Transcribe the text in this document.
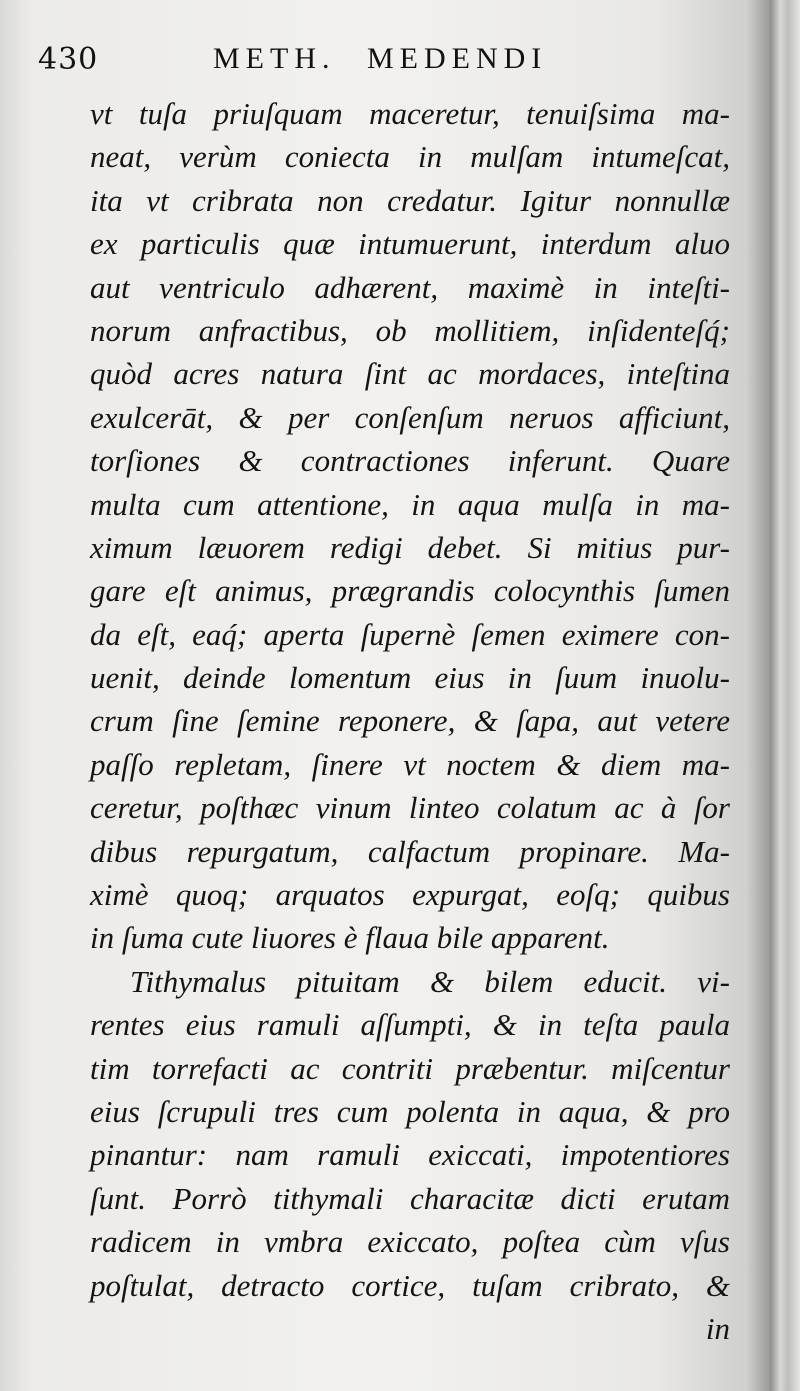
430	METH. MEDENDI
vt tuſa priuſquam maceretur, tenuiſsima ma-
neat, verùm coniecta in mulſam intumeſcat,
ita vt cribrata non credatur. Igitur nonnullæ
ex particulis quæ intumuerunt, interdum aluo
aut ventriculo adhærent, maximè in inteſti-
norum anfractibus, ob mollitiem, inſidenteſq́;
quòd acres natura ſint ac mordaces, inteſtina
exulcerāt, & per conſenſum neruos afficiunt,
torſiones & contractiones inferunt. Quare
multa cum attentione, in aqua mulſa in ma-
ximum læuorem redigi debet. Si mitius pur-
gare eſt animus, prægrandis colocynthis ſumen
da eſt, eaq́; aperta ſupernè ſemen eximere con-
uenit, deinde lomentum eius in ſuum inuolu-
crum ſine ſemine reponere, & ſapa, aut vetere
paſſo repletam, ſinere vt noctem & diem ma-
ceretur, poſthæc vinum linteo colatum ac à ſor
dibus repurgatum, calfactum propinare. Ma-
ximè quoq; arquatos expurgat, eoſq; quibus
in ſuma cute liuores è flaua bile apparent.
Tithymalus pituitam & bilem educit. vi-
rentes eius ramuli aſſumpti, & in teſta paula
tim torrefacti ac contriti præbentur. miſcentur
eius ſcrupuli tres cum polenta in aqua, & pro
pinantur: nam ramuli exiccati, impotentiores
ſunt. Porrò tithymali characitæ dicti erutam
radicem in vmbra exiccato, poſtea cùm vſus
poſtulat, detracto cortice, tuſam cribrato, &
in
